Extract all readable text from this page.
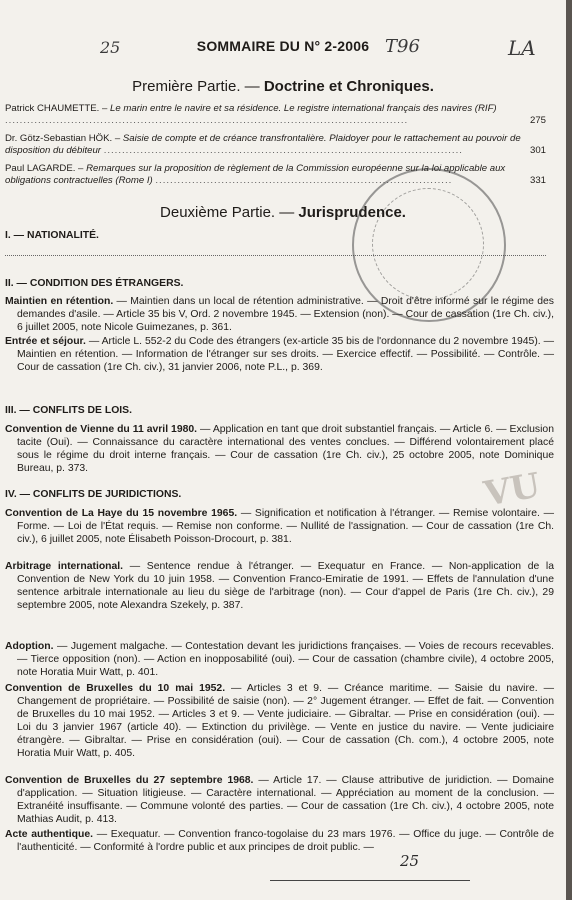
25	T96	LA
SOMMAIRE DU N° 2-2006
Première Partie. — Doctrine et Chroniques.
Patrick CHAUMETTE. – Le marin entre le navire et sa résidence. Le registre international français des navires (RIF) ..............................................................................................................	275
Dr. Götz-Sebastian HÖK. – Saisie de compte et de créance transfrontalière. Plaidoyer pour le rattachement au pouvoir de disposition du débiteur ..................................................................................................	301
Paul LAGARDE. – Remarques sur la proposition de règlement de la Commission européenne sur la loi applicable aux obligations contractuelles (Rome I) .................................................................................	331
Deuxième Partie. — Jurisprudence.
I. — NATIONALITÉ.
II. — CONDITION DES ÉTRANGERS.
Maintien en rétention. — Maintien dans un local de rétention administrative. — Droit d'être informé sur le régime des demandes d'asile. — Article 35 bis V, Ord. 2 novembre 1945. — Extension (non). — Cour de cassation (1re Ch. civ.), 6 juillet 2005, note Nicole Guimezanes, p. 361.
Entrée et séjour. — Article L. 552-2 du Code des étrangers (ex-article 35 bis de l'ordonnance du 2 novembre 1945). — Maintien en rétention. — Information de l'étranger sur ses droits. — Exercice effectif. — Possibilité. — Contrôle. — Cour de cassation (1re Ch. civ.), 31 janvier 2006, note P.L., p. 369.
III. — CONFLITS DE LOIS.
Convention de Vienne du 11 avril 1980. — Application en tant que droit substantiel français. — Article 6. — Exclusion tacite (Oui). — Connaissance du caractère international des ventes conclues. — Différend volontairement placé sous le régime du droit interne français. — Cour de cassation (1re Ch. civ.), 25 octobre 2005, note Dominique Bureau, p. 373.
IV. — CONFLITS DE JURIDICTIONS.
Convention de La Haye du 15 novembre 1965. — Signification et notification à l'étranger. — Remise volontaire. — Forme. — Loi de l'État requis. — Remise non conforme. — Nullité de l'assignation. — Cour de cassation (1re Ch. civ.), 6 juillet 2005, note Élisabeth Poisson-Drocourt, p. 381.
Arbitrage international. — Sentence rendue à l'étranger. — Exequatur en France. — Non-application de la Convention de New York du 10 juin 1958. — Convention Franco-Emiratie de 1991. — Effets de l'annulation d'une sentence arbitrale internationale au lieu du siège de l'arbitrage (non). — Cour d'appel de Paris (1re Ch. civ.), 29 septembre 2005, note Alexandra Szekely, p. 387.
Adoption. — Jugement malgache. — Contestation devant les juridictions françaises. — Voies de recours recevables. — Tierce opposition (non). — Action en inopposabilité (oui). — Cour de cassation (chambre civile), 4 octobre 2005, note Horatia Muir Watt, p. 401.
Convention de Bruxelles du 10 mai 1952. — Articles 3 et 9. — Créance maritime. — Saisie du navire. — Changement de propriétaire. — Possibilité de saisie (non). — 2° Jugement étranger. — Effet de fait. — Convention de Bruxelles du 10 mai 1952. — Articles 3 et 9. — Vente judiciaire. — Gibraltar. — Prise en considération (oui). — Loi du 3 janvier 1967 (article 40). — Extinction du privilège. — Vente en justice du navire. — Vente judiciaire étrangère. — Gibraltar. — Prise en considération (oui). — Cour de cassation (Ch. com.), 4 octobre 2005, note Horatia Muir Watt, p. 405.
Convention de Bruxelles du 27 septembre 1968. — Article 17. — Clause attributive de juridiction. — Domaine d'application. — Situation litigieuse. — Caractère international. — Appréciation au moment de la conclusion. — Extranéité insuffisante. — Commune volonté des parties. — Cour de cassation (1re Ch. civ.), 4 octobre 2005, note Mathias Audit, p. 413.
Acte authentique. — Exequatur. — Convention franco-togolaise du 23 mars 1976. — Office du juge. — Contrôle de l'authenticité. — Conformité à l'ordre public et aux principes de droit public. —
VU
25
